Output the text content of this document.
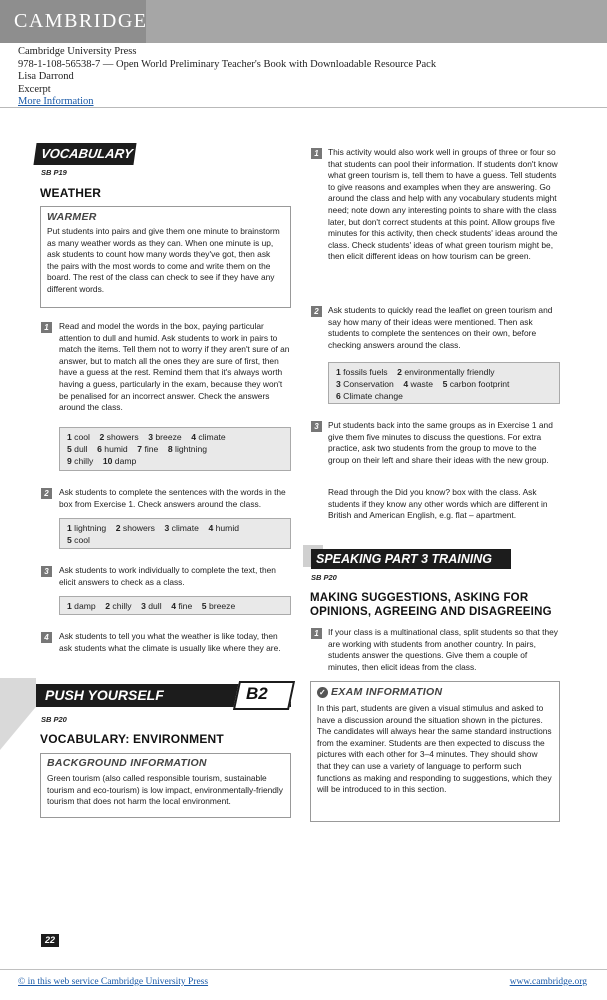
CAMBRIDGE
Cambridge University Press
978-1-108-56538-7 — Open World Preliminary Teacher's Book with Downloadable Resource Pack
Lisa Darrond
Excerpt
More Information
VOCABULARY
SB P19
WEATHER
WARMER
Put students into pairs and give them one minute to brainstorm as many weather words as they can. When one minute is up, ask students to count how many words they've got, then ask the pairs with the most words to come and write them on the board. The rest of the class can check to see if they have any different words.
1	Read and model the words in the box, paying particular attention to dull and humid. Ask students to work in pairs to match the items. Tell them not to worry if they aren't sure of an answer, but to match all the ones they are sure of first, then have a guess at the rest. Remind them that it's always worth having a guess, particularly in the exam, because they won't be penalised for an incorrect answer. Check the answers around the class.
1 cool 2 showers 3 breeze 4 climate
5 dull 6 humid 7 fine 8 lightning
9 chilly 10 damp
2	Ask students to complete the sentences with the words in the box from Exercise 1. Check answers around the class.
1 lightning 2 showers 3 climate 4 humid
5 cool
3	Ask students to work individually to complete the text, then elicit answers to check as a class.
1 damp 2 chilly 3 dull 4 fine 5 breeze
4	Ask students to tell you what the weather is like today, then ask students what the climate is usually like where they are.
PUSH YOURSELF	B2
SB P20
VOCABULARY: ENVIRONMENT
BACKGROUND INFORMATION
Green tourism (also called responsible tourism, sustainable tourism and eco-tourism) is low impact, environmentally-friendly tourism that does not harm the local environment.
22
1	This activity would also work well in groups of three or four so that students can pool their information. If students don't know what green tourism is, tell them to have a guess. Tell students to give reasons and examples when they are answering. Go around the class and help with any vocabulary students might need; note down any interesting points to share with the class later, but don't correct students at this point. Allow groups five minutes for this activity, then check students' ideas around the class. Check students' ideas of what green tourism might be, then elicit different ideas on how tourism can be green.
2	Ask students to quickly read the leaflet on green tourism and say how many of their ideas were mentioned. Then ask students to complete the sentences on their own, before checking answers around the class.
1 fossils fuels 2 environmentally friendly
3 Conservation 4 waste 5 carbon footprint
6 Climate change
3	Put students back into the same groups as in Exercise 1 and give them five minutes to discuss the questions. For extra practice, ask two students from the group to move to the group on their left and share their ideas with the new group.
Read through the Did you know? box with the class. Ask students if they know any other words which are different in British and American English, e.g. flat – apartment.
SPEAKING PART 3 TRAINING
SB P20
MAKING SUGGESTIONS, ASKING FOR
OPINIONS, AGREEING AND DISAGREEING
1	If your class is a multinational class, split students so that they are working with students from another country. In pairs, students answer the questions. Give them a couple of minutes, then elicit ideas from the class.
✓ EXAM INFORMATION
In this part, students are given a visual stimulus and asked to have a discussion around the situation shown in the pictures. The candidates will always hear the same standard instructions from the examiner. Students are then expected to discuss the pictures with each other for 3–4 minutes. They should show that they can use a variety of language to perform such functions as making and responding to suggestions, which they will be introduced to in this section.
© in this web service Cambridge University Press	www.cambridge.org
